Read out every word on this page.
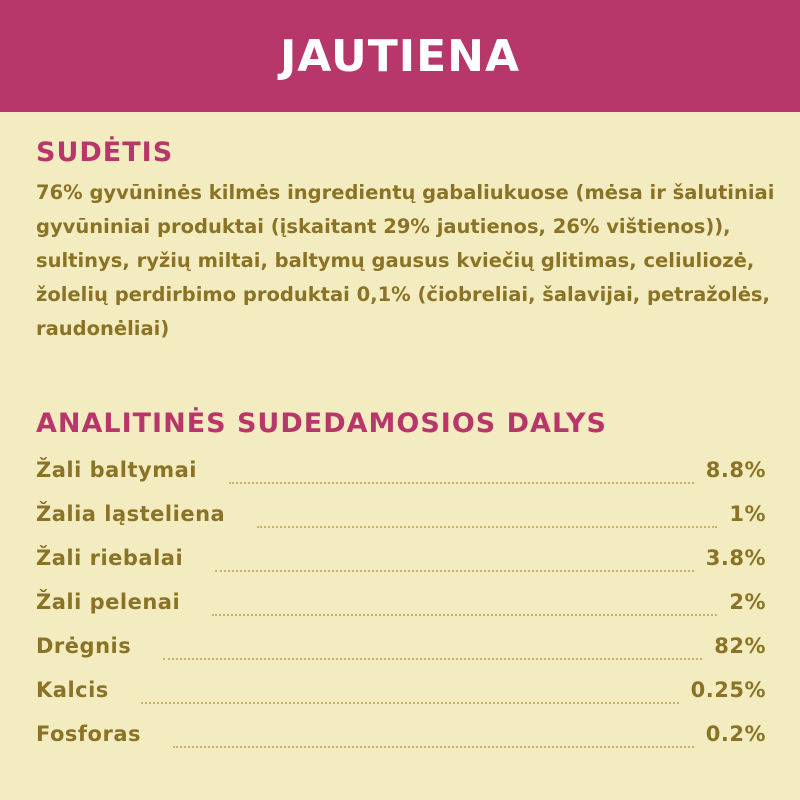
JAUTIENA
SUDĖTIS
76% gyvūninės kilmės ingredientų gabaliukuose (mėsa ir šalutiniai
gyvūniniai produktai (įskaitant 29% jautienos, 26% vištienos)),
sultinys, ryžių miltai, baltymų gausus kviečių glitimas, celiuliozė,
žolelių perdirbimo produktai 0,1% (čiobreliai, šalavijai, petražolės,
raudonėliai)
ANALITINĖS SUDEDAMOSIOS DALYS
Žali baltymai	8.8%
Žalia ląsteliena	1%
Žali riebalai	3.8%
Žali pelenai	2%
Drėgnis	82%
Kalcis	0.25%
Fosforas	0.2%
